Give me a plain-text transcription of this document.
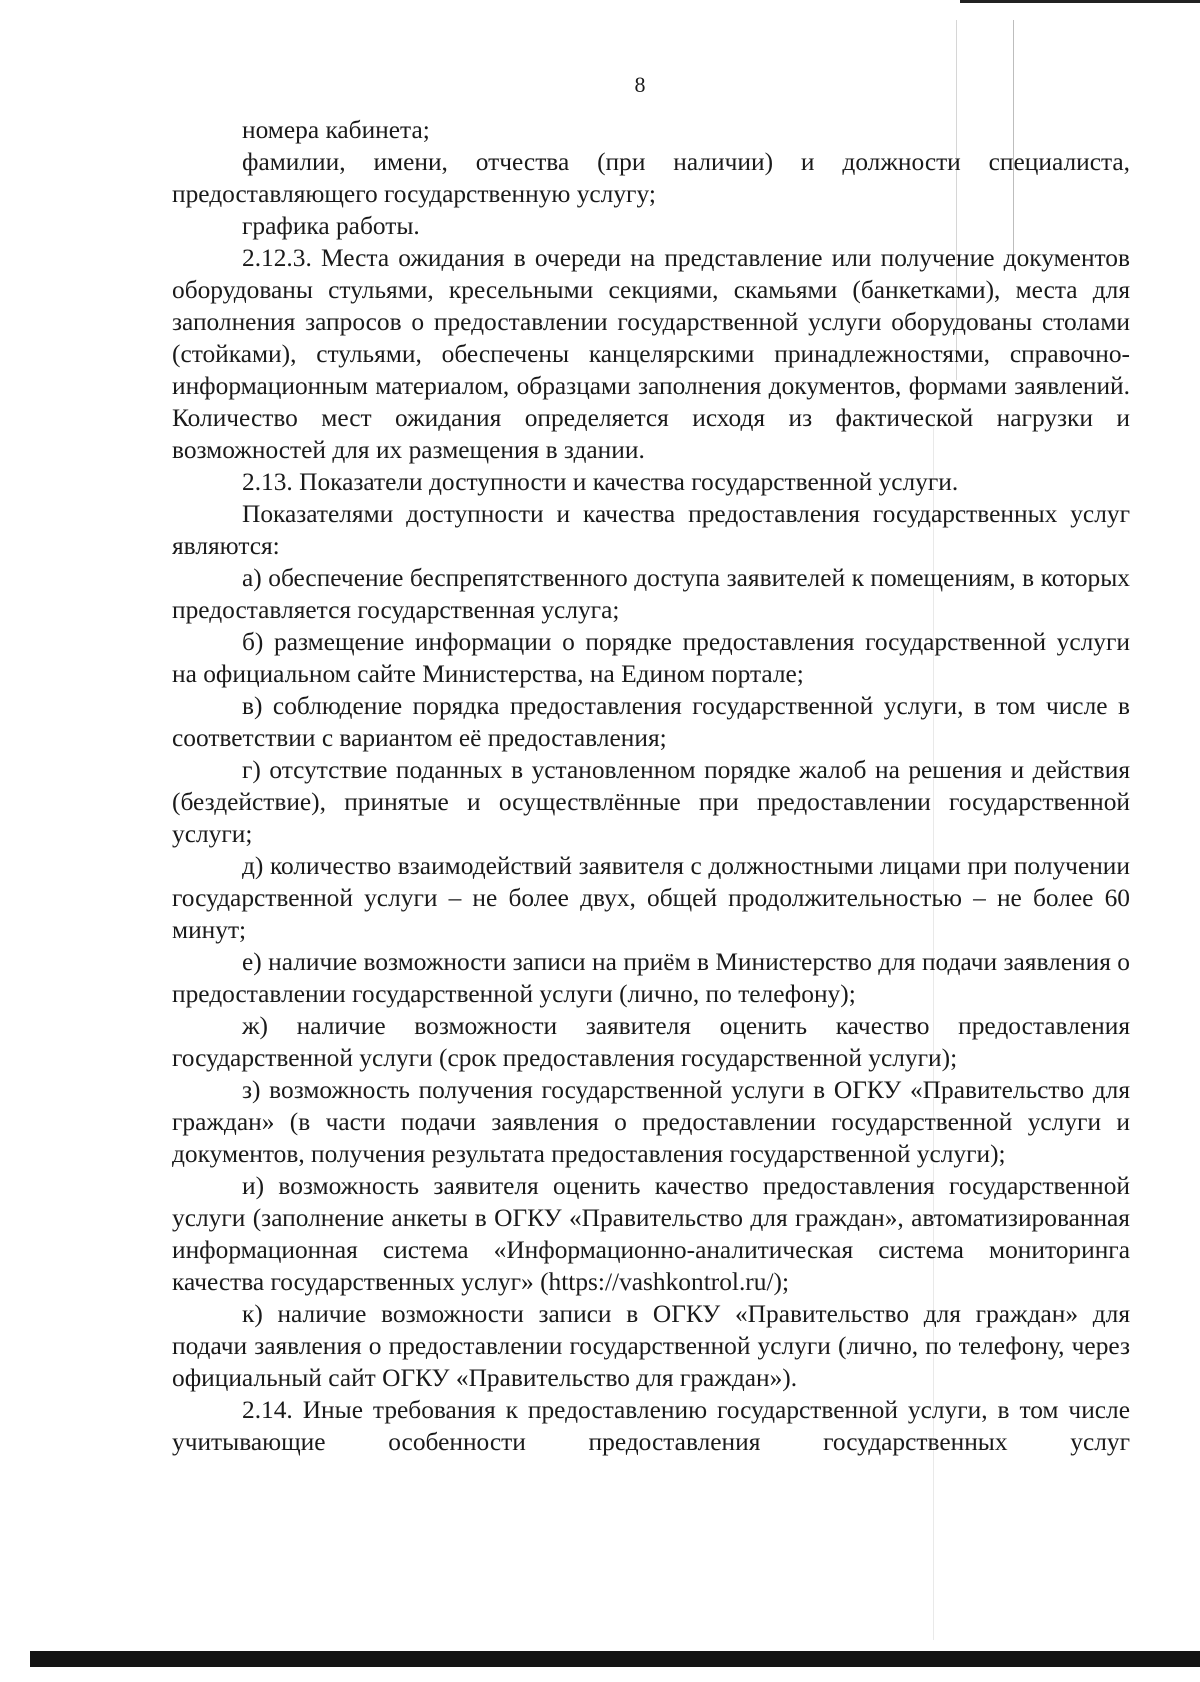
8

номера кабинета;

фамилии, имени, отчества (при наличии) и должности специалиста, предоставляющего государственную услугу;

графика работы.

2.12.3. Места ожидания в очереди на представление или получение документов оборудованы стульями, кресельными секциями, скамьями (банкетками), места для заполнения запросов о предоставлении государственной услуги оборудованы столами (стойками), стульями, обеспечены канцелярскими принадлежностями, справочно-информационным материалом, образцами заполнения документов, формами заявлений. Количество мест ожидания определяется исходя из фактической нагрузки и возможностей для их размещения в здании.

2.13. Показатели доступности и качества государственной услуги.

Показателями доступности и качества предоставления государственных услуг являются:

а) обеспечение беспрепятственного доступа заявителей к помещениям, в которых предоставляется государственная услуга;

б) размещение информации о порядке предоставления государственной услуги на официальном сайте Министерства, на Едином портале;

в) соблюдение порядка предоставления государственной услуги, в том числе в соответствии с вариантом её предоставления;

г) отсутствие поданных в установленном порядке жалоб на решения и действия (бездействие), принятые и осуществлённые при предоставлении государственной услуги;

д) количество взаимодействий заявителя с должностными лицами при получении государственной услуги – не более двух, общей продолжительностью – не более 60 минут;

е) наличие возможности записи на приём в Министерство для подачи заявления о предоставлении государственной услуги (лично, по телефону);

ж) наличие возможности заявителя оценить качество предоставления государственной услуги (срок предоставления государственной услуги);

з) возможность получения государственной услуги в ОГКУ «Правительство для граждан» (в части подачи заявления о предоставлении государственной услуги и документов, получения результата предоставления государственной услуги);

и) возможность заявителя оценить качество предоставления государственной услуги (заполнение анкеты в ОГКУ «Правительство для граждан», автоматизированная информационная система «Информационно-аналитическая система мониторинга качества государственных услуг» (https://vashkontrol.ru/);

к) наличие возможности записи в ОГКУ «Правительство для граждан» для подачи заявления о предоставлении государственной услуги (лично, по телефону, через официальный сайт ОГКУ «Правительство для граждан»).

2.14. Иные требования к предоставлению государственной услуги, в том числе учитывающие особенности предоставления государственных услуг
